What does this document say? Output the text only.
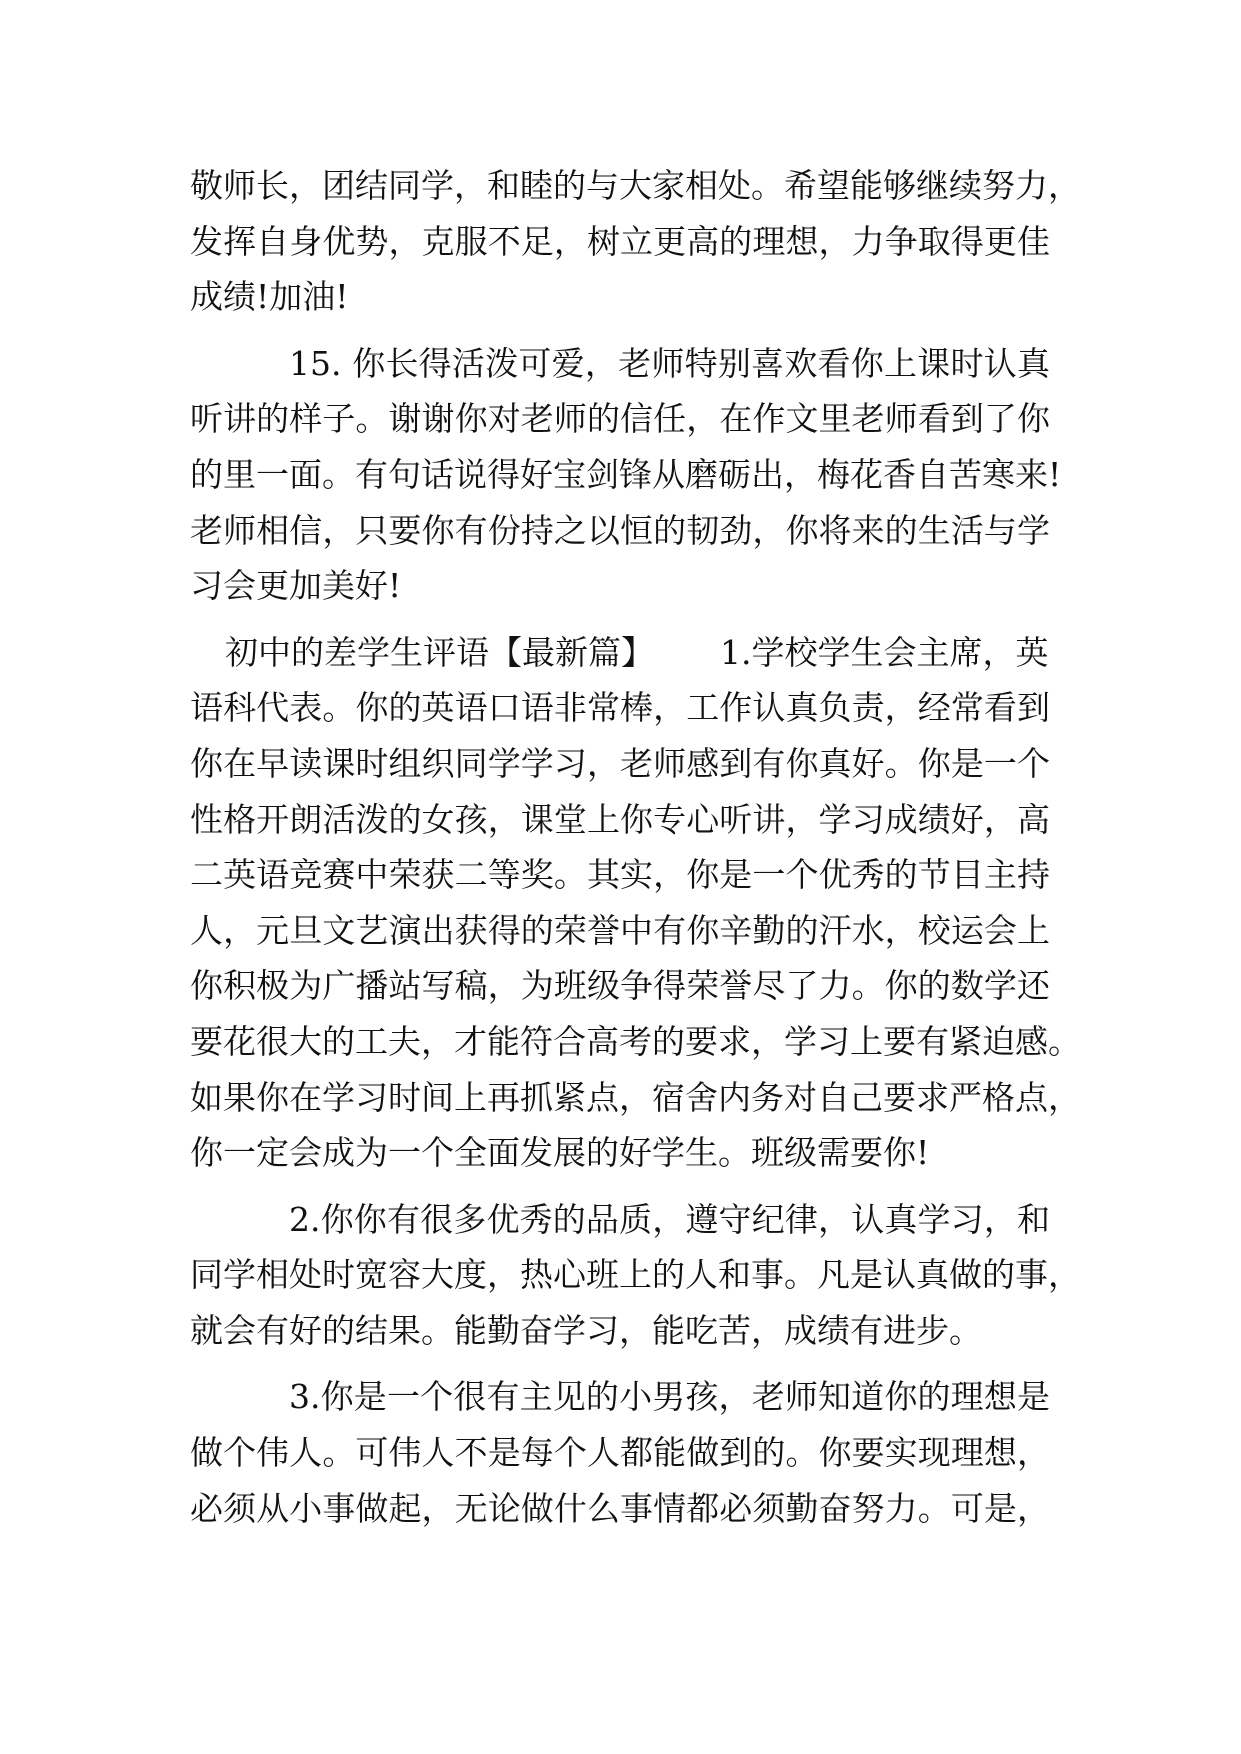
敬师长，团结同学，和睦的与大家相处。希望能够继续努力，
发挥自身优势，克服不足，树立更高的理想，力争取得更佳
成绩!加油!
15. 你长得活泼可爱，老师特别喜欢看你上课时认真
听讲的样子。谢谢你对老师的信任，在作文里老师看到了你
的里一面。有句话说得好宝剑锋从磨砺出，梅花香自苦寒来!
老师相信，只要你有份持之以恒的韧劲，你将来的生活与学
习会更加美好!
初中的差学生评语【最新篇】 1.学校学生会主席，英
语科代表。你的英语口语非常棒，工作认真负责，经常看到
你在早读课时组织同学学习，老师感到有你真好。你是一个
性格开朗活泼的女孩，课堂上你专心听讲，学习成绩好，高
二英语竞赛中荣获二等奖。其实，你是一个优秀的节目主持
人，元旦文艺演出获得的荣誉中有你辛勤的汗水，校运会上
你积极为广播站写稿，为班级争得荣誉尽了力。你的数学还
要花很大的工夫，才能符合高考的要求，学习上要有紧迫感。
如果你在学习时间上再抓紧点，宿舍内务对自己要求严格点，
你一定会成为一个全面发展的好学生。班级需要你!
2.你你有很多优秀的品质，遵守纪律，认真学习，和
同学相处时宽容大度，热心班上的人和事。凡是认真做的事，
就会有好的结果。能勤奋学习，能吃苦，成绩有进步。
3.你是一个很有主见的小男孩，老师知道你的理想是
做个伟人。可伟人不是每个人都能做到的。你要实现理想，
必须从小事做起，无论做什么事情都必须勤奋努力。可是，
